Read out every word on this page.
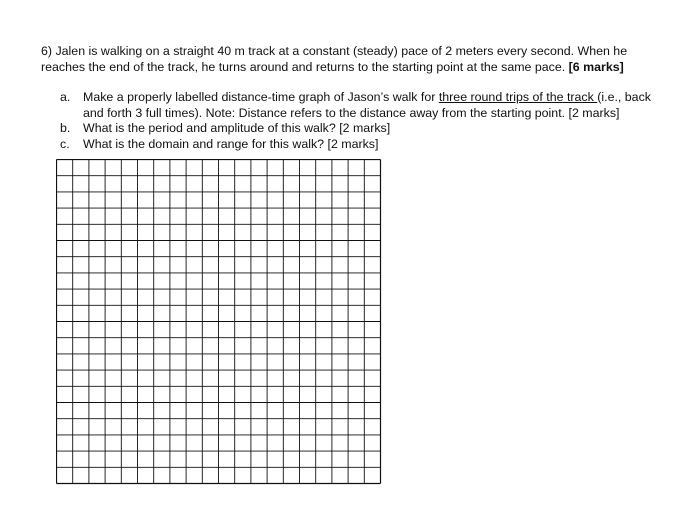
6) Jalen is walking on a straight 40 m track at a constant (steady) pace of 2 meters every second. When he reaches the end of the track, he turns around and returns to the starting point at the same pace. [6 marks]

a. Make a properly labelled distance-time graph of Jason’s walk for three round trips of the track (i.e., back and forth 3 full times). Note: Distance refers to the distance away from the starting point. [2 marks]
b. What is the period and amplitude of this walk? [2 marks]
c. What is the domain and range for this walk? [2 marks]
